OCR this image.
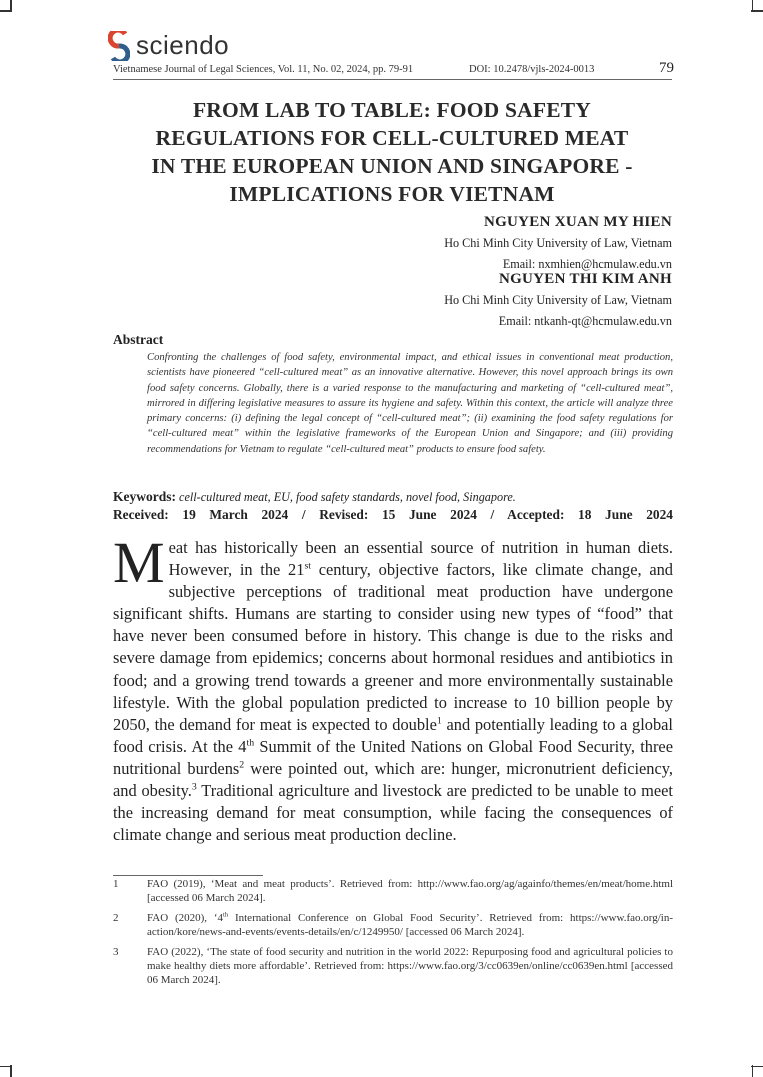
sciendo
Vietnamese Journal of Legal Sciences, Vol. 11, No. 02, 2024, pp. 79-91	DOI: 10.2478/vjls-2024-0013	79
FROM LAB TO TABLE: FOOD SAFETY
REGULATIONS FOR CELL-CULTURED MEAT
IN THE EUROPEAN UNION AND SINGAPORE -
IMPLICATIONS FOR VIETNAM
NGUYEN XUAN MY HIEN
Ho Chi Minh City University of Law, Vietnam
Email: nxmhien@hcmulaw.edu.vn
NGUYEN THI KIM ANH
Ho Chi Minh City University of Law, Vietnam
Email: ntkanh-qt@hcmulaw.edu.vn
Abstract
Confronting the challenges of food safety, environmental impact, and ethical issues in conventional meat production, scientists have pioneered “cell-cultured meat” as an innovative alternative. However, this novel approach brings its own food safety concerns. Globally, there is a varied response to the manufacturing and marketing of “cell-cultured meat”, mirrored in differing legislative measures to assure its hygiene and safety. Within this context, the article will analyze three primary concerns: (i) defining the legal concept of “cell-cultured meat”; (ii) examining the food safety regulations for “cell-cultured meat” within the legislative frameworks of the European Union and Singapore; and (iii) providing recommendations for Vietnam to regulate “cell-cultured meat” products to ensure food safety.
Keywords: cell-cultured meat, EU, food safety standards, novel food, Singapore.
Received: 19 March 2024 / Revised: 15 June 2024 / Accepted: 18 June 2024
Meat has historically been an essential source of nutrition in human diets. However, in the 21st century, objective factors, like climate change, and subjective perceptions of traditional meat production have undergone significant shifts. Humans are starting to consider using new types of “food” that have never been consumed before in history. This change is due to the risks and severe damage from epidemics; concerns about hormonal residues and antibiotics in food; and a growing trend towards a greener and more environmentally sustainable lifestyle. With the global population predicted to increase to 10 billion people by 2050, the demand for meat is expected to double$^1$ and potentially leading to a global food crisis. At the 4th Summit of the United Nations on Global Food Security, three nutritional burdens$^2$ were pointed out, which are: hunger, micronutrient deficiency, and obesity.$^3$ Traditional agriculture and livestock are predicted to be unable to meet the increasing demand for meat consumption, while facing the consequences of climate change and serious meat production decline.
1	FAO (2019), ‘Meat and meat products’. Retrieved from: http://www.fao.org/ag/againfo/themes/en/meat/home.html [accessed 06 March 2024].
2	FAO (2020), ‘4th International Conference on Global Food Security’. Retrieved from: https://www.fao.org/in-action/kore/news-and-events/events-details/en/c/1249950/ [accessed 06 March 2024].
3	FAO (2022), ‘The state of food security and nutrition in the world 2022: Repurposing food and agricultural policies to make healthy diets more affordable’. Retrieved from: https://www.fao.org/3/cc0639en/online/cc0639en.html [accessed 06 March 2024].
